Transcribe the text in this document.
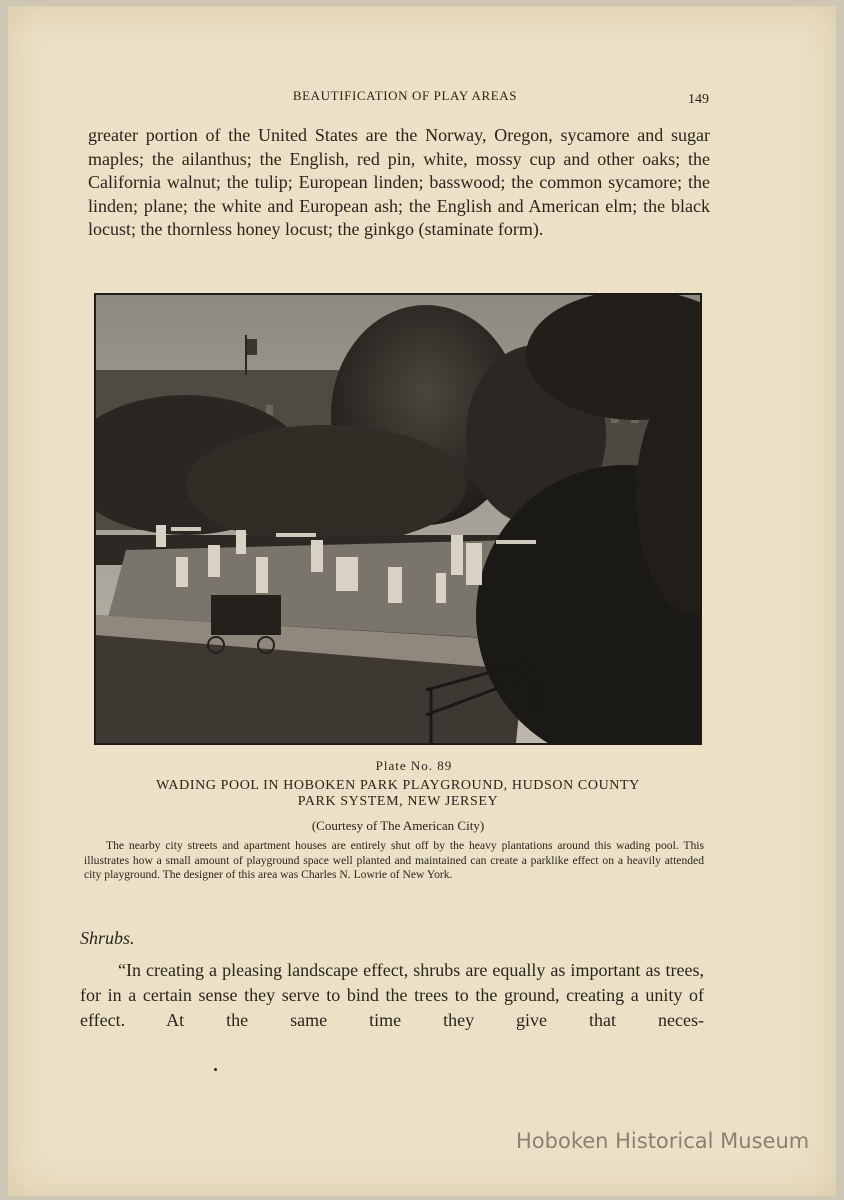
BEAUTIFICATION OF PLAY AREAS	149
greater portion of the United States are the Norway, Oregon, sycamore and sugar maples; the ailanthus; the English, red pin, white, mossy cup and other oaks; the California walnut; the tulip; European linden; basswood; the common sycamore; the linden; plane; the white and European ash; the English and American elm; the black locust; the thornless honey locust; the ginkgo (staminate form).
Plate No. 89
WADING POOL IN HOBOKEN PARK PLAYGROUND, HUDSON COUNTY
PARK SYSTEM, NEW JERSEY
(Courtesy of The American City)
The nearby city streets and apartment houses are entirely shut off by the heavy plantations around this wading pool. This illustrates how a small amount of playground space well planted and maintained can create a parklike effect on a heavily attended city playground. The designer of this area was Charles N. Lowrie of New York.
Shrubs.
“In creating a pleasing landscape effect, shrubs are equally as important as trees, for in a certain sense they serve to bind the trees to the ground, creating a unity of effect. At the same time they give that neces-
Hoboken Historical Museum
